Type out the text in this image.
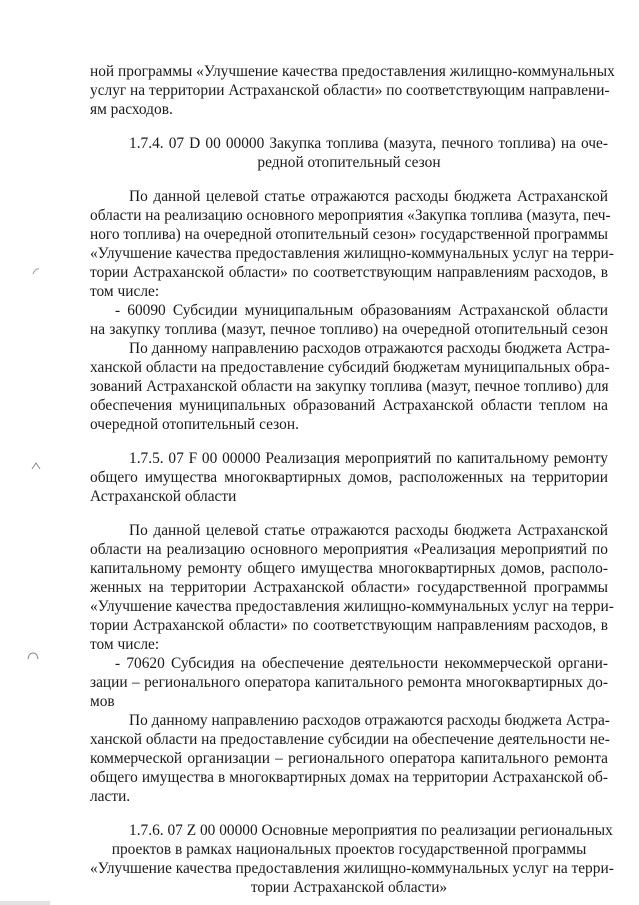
ной программы «Улучшение качества предоставления жилищно-коммунальных
услуг на территории Астраханской области» по соответствующим направлени-
ям расходов.
1.7.4. 07 D 00 00000 Закупка топлива (мазута, печного топлива) на оче-
редной отопительный сезон
По данной целевой статье отражаются расходы бюджета Астраханской
области на реализацию основного мероприятия «Закупка топлива (мазута, печ-
ного топлива) на очередной отопительный сезон» государственной программы
«Улучшение качества предоставления жилищно-коммунальных услуг на терри-
тории Астраханской области» по соответствующим направлениям расходов, в
том числе:
- 60090 Субсидии муниципальным образованиям Астраханской области
на закупку топлива (мазут, печное топливо) на очередной отопительный сезон
По данному направлению расходов отражаются расходы бюджета Астра-
ханской области на предоставление субсидий бюджетам муниципальных обра-
зований Астраханской области на закупку топлива (мазут, печное топливо) для
обеспечения муниципальных образований Астраханской области теплом на
очередной отопительный сезон.
1.7.5. 07 F 00 00000 Реализация мероприятий по капитальному ремонту
общего имущества многоквартирных домов, расположенных на территории
Астраханской области
По данной целевой статье отражаются расходы бюджета Астраханской
области на реализацию основного мероприятия «Реализация мероприятий по
капитальному ремонту общего имущества многоквартирных домов, располо-
женных на территории Астраханской области» государственной программы
«Улучшение качества предоставления жилищно-коммунальных услуг на терри-
тории Астраханской области» по соответствующим направлениям расходов, в
том числе:
- 70620 Субсидия на обеспечение деятельности некоммерческой органи-
зации – регионального оператора капитального ремонта многоквартирных до-
мов
По данному направлению расходов отражаются расходы бюджета Астра-
ханской области на предоставление субсидии на обеспечение деятельности не-
коммерческой организации – регионального оператора капитального ремонта
общего имущества в многоквартирных домах на территории Астраханской об-
ласти.
1.7.6. 07 Z 00 00000 Основные мероприятия по реализации региональных
проектов в рамках национальных проектов государственной программы
«Улучшение качества предоставления жилищно-коммунальных услуг на терри-
тории Астраханской области»
